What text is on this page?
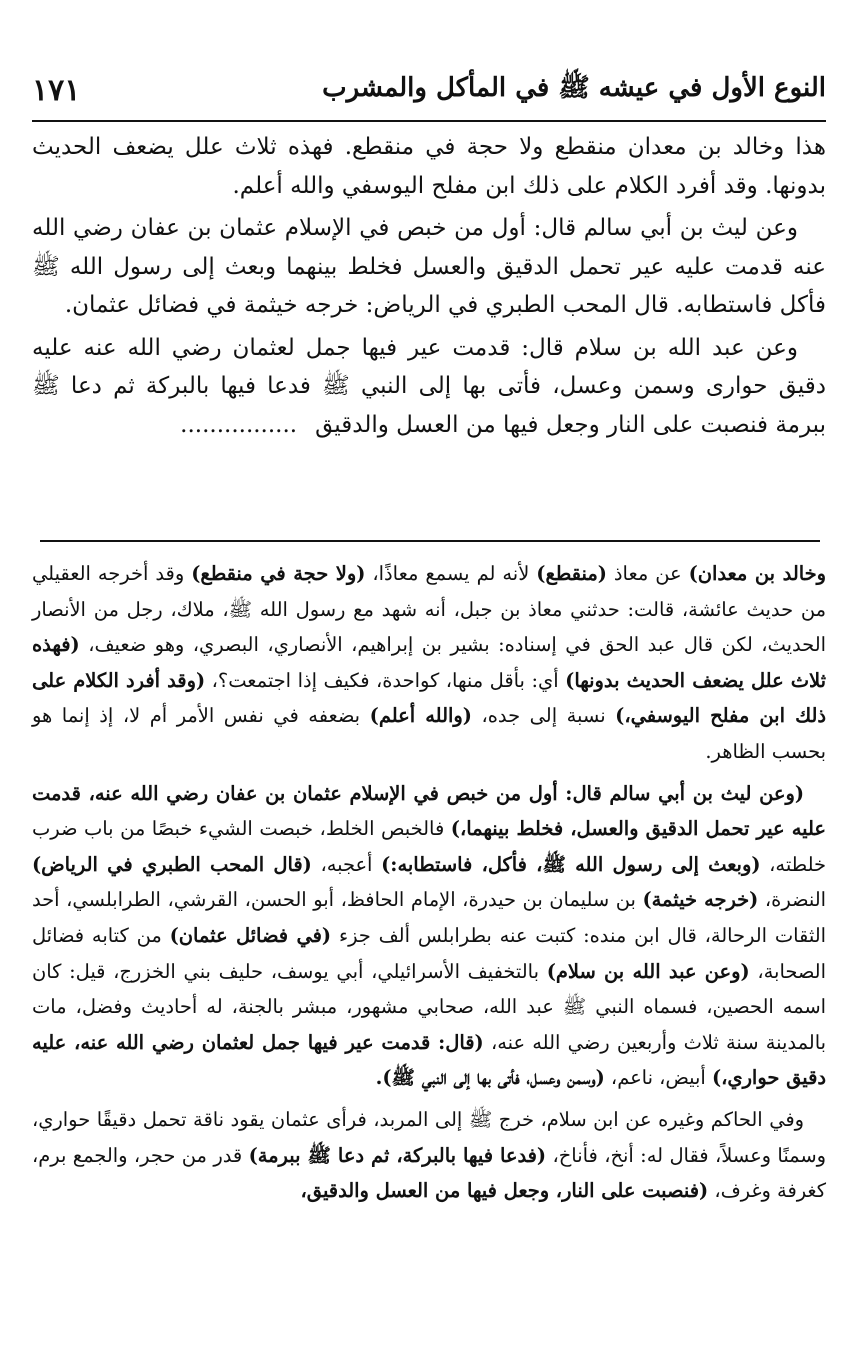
النوع الأول في عيشه ﷺ في المأكل والمشرب
١٧١

هذا وخالد بن معدان منقطع ولا حجة في منقطع. فهذه ثلاث علل يضعف الحديث بدونها. وقد أفرد الكلام على ذلك ابن مفلح اليوسفي والله أعلم.

وعن ليث بن أبي سالم قال: أول من خبص في الإسلام عثمان بن عفان رضي الله عنه قدمت عليه عير تحمل الدقيق والعسل فخلط بينهما وبعث إلى رسول الله ﷺ فأكل فاستطابه. قال المحب الطبري في الرياض: خرجه خيثمة في فضائل عثمان.

وعن عبد الله بن سلام قال: قدمت عير فيها جمل لعثمان رضي الله عنه عليه دقيق حوارى وسمن وعسل، فأتى بها إلى النبي ﷺ فدعا فيها بالبركة ثم دعا ﷺ ببرمة فنصبت على النار وجعل فيها من العسل والدقيق................

وخالد بن معدان) عن معاذ (منقطع) لأنه لم يسمع معاذًا، (ولا حجة في منقطع) وقد أخرجه العقيلي من حديث عائشة، قالت: حدثني معاذ بن جبل، أنه شهد مع رسول الله ﷺ، ملاك، رجل من الأنصار الحديث، لكن قال عبد الحق في إسناده: بشير بن إبراهيم، الأنصاري، البصري، وهو ضعيف، (فهذه ثلاث علل يضعف الحديث بدونها) أي: بأقل منها، كواحدة، فكيف إذا اجتمعت؟، (وقد أفرد الكلام على ذلك ابن مفلح اليوسفي،) نسبة إلى جده، (والله أعلم) بضعفه في نفس الأمر أم لا، إذ إنما هو بحسب الظاهر.

(وعن ليث بن أبي سالم قال: أول من خبص في الإسلام عثمان بن عفان رضي الله عنه، قدمت عليه عير تحمل الدقيق والعسل، فخلط بينهما،) فالخبص الخلط، خبصت الشيء خبصًا من باب ضرب خلطته، (وبعث إلى رسول الله ﷺ، فأكل، فاستطابه:) أعجبه، (قال المحب الطبري في الرياض) النضرة، (خرجه خيثمة) بن سليمان بن حيدرة، الإمام الحافظ، أبو الحسن، القرشي، الطرابلسي، أحد الثقات الرحالة، قال ابن منده: كتبت عنه بطرابلس ألف جزء (في فضائل عثمان) من كتابه فضائل الصحابة، (وعن عبد الله بن سلام) بالتخفيف الأسرائيلي، أبي يوسف، حليف بني الخزرج، قيل: كان اسمه الحصين، فسماه النبي ﷺ عبد الله، صحابي مشهور، مبشر بالجنة، له أحاديث وفضل، مات بالمدينة سنة ثلاث وأربعين رضي الله عنه، (قال: قدمت عير فيها جمل لعثمان رضي الله عنه، عليه دقيق حواري،) أبيض، ناعم، (وسمن وعسل، فأتى بها إلى النبي ﷺ).

وفي الحاكم وغيره عن ابن سلام، خرج ﷺ إلى المربد، فرأى عثمان يقود ناقة تحمل دقيقًا حواري، وسمنًا وعسلاً، فقال له: أنخ، فأناخ، (فدعا فيها بالبركة، ثم دعا ﷺ ببرمة) قدر من حجر، والجمع برم، كغرفة وغرف، (فنصبت على النار، وجعل فيها من العسل والدقيق،
